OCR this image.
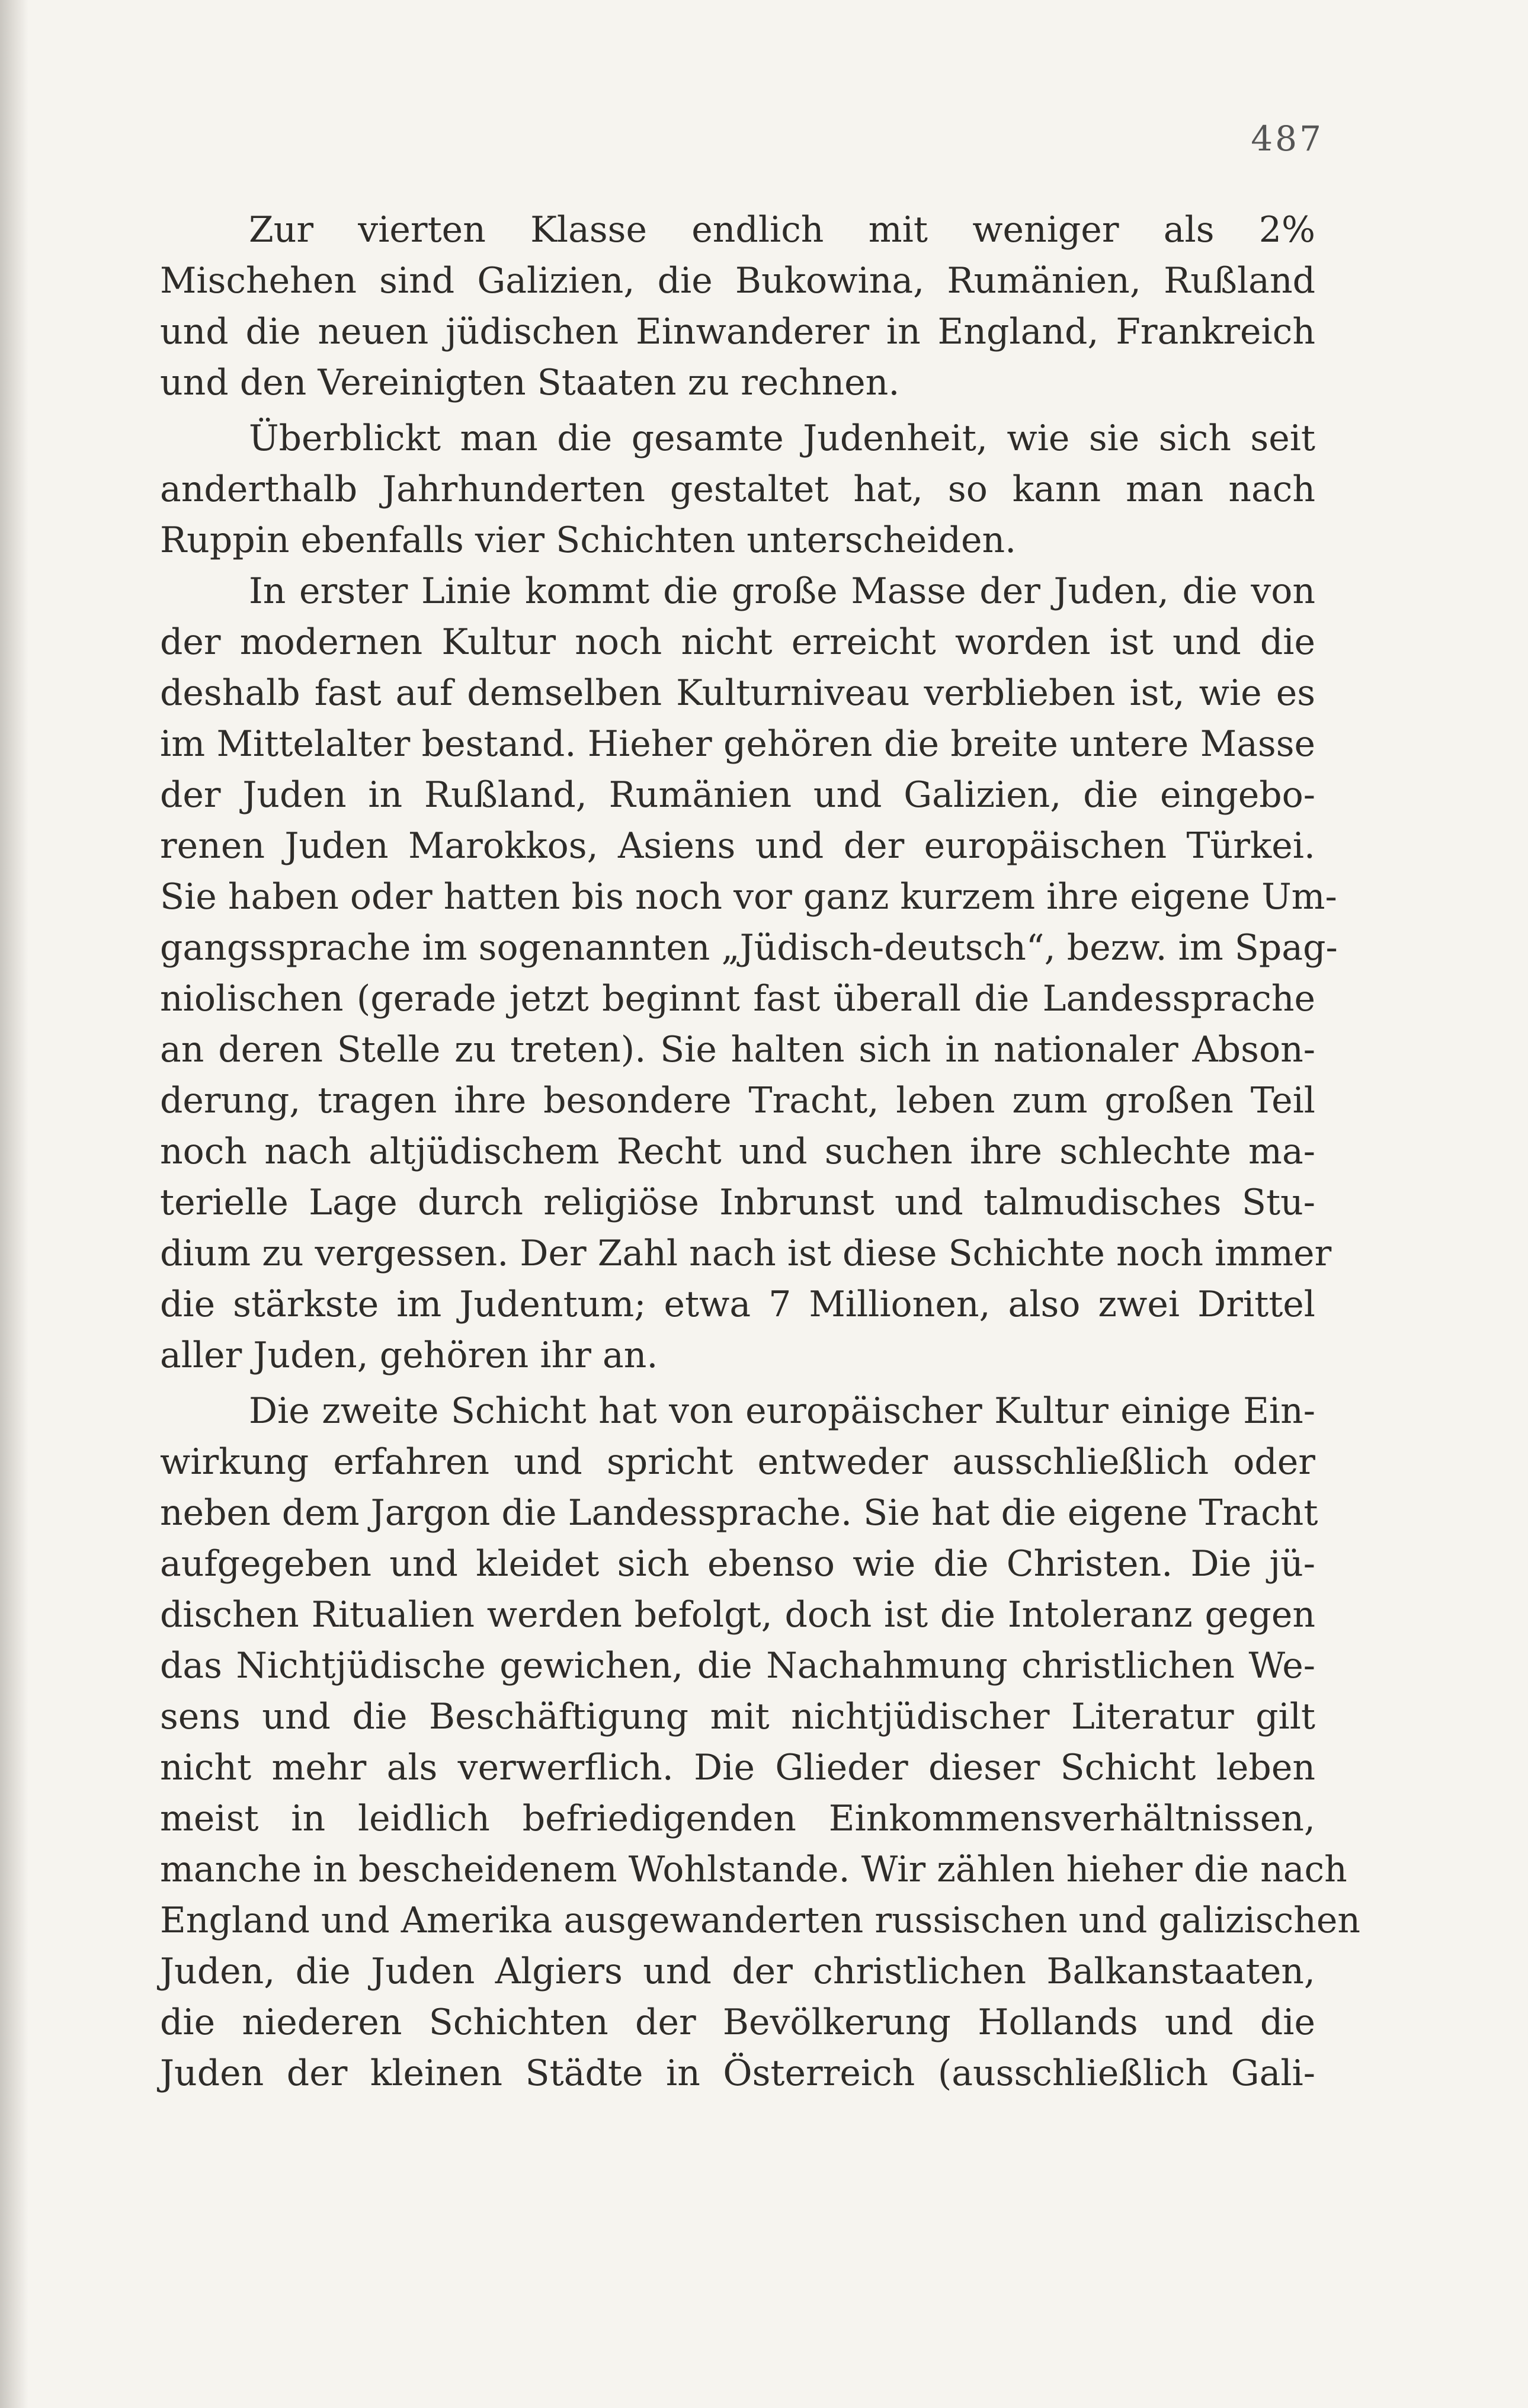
487

Zur vierten Klasse endlich mit weniger als 2%
Mischehen sind Galizien, die Bukowina, Rumänien, Rußland
und die neuen jüdischen Einwanderer in England, Frankreich
und den Vereinigten Staaten zu rechnen.

Überblickt man die gesamte Judenheit, wie sie sich seit
anderthalb Jahrhunderten gestaltet hat, so kann man nach
Ruppin ebenfalls vier Schichten unterscheiden.

In erster Linie kommt die große Masse der Juden, die von
der modernen Kultur noch nicht erreicht worden ist und die
deshalb fast auf demselben Kulturniveau verblieben ist, wie es
im Mittelalter bestand. Hieher gehören die breite untere Masse
der Juden in Rußland, Rumänien und Galizien, die eingebo-
renen Juden Marokkos, Asiens und der europäischen Türkei.
Sie haben oder hatten bis noch vor ganz kurzem ihre eigene Um-
gangssprache im sogenannten „Jüdisch-deutsch“, bezw. im Spag-
niolischen (gerade jetzt beginnt fast überall die Landessprache
an deren Stelle zu treten). Sie halten sich in nationaler Abson-
derung, tragen ihre besondere Tracht, leben zum großen Teil
noch nach altjüdischem Recht und suchen ihre schlechte ma-
terielle Lage durch religiöse Inbrunst und talmudisches Stu-
dium zu vergessen. Der Zahl nach ist diese Schichte noch immer
die stärkste im Judentum; etwa 7 Millionen, also zwei Drittel
aller Juden, gehören ihr an.

Die zweite Schicht hat von europäischer Kultur einige Ein-
wirkung erfahren und spricht entweder ausschließlich oder
neben dem Jargon die Landessprache. Sie hat die eigene Tracht
aufgegeben und kleidet sich ebenso wie die Christen. Die jü-
dischen Ritualien werden befolgt, doch ist die Intoleranz gegen
das Nichtjüdische gewichen, die Nachahmung christlichen We-
sens und die Beschäftigung mit nichtjüdischer Literatur gilt
nicht mehr als verwerflich. Die Glieder dieser Schicht leben
meist in leidlich befriedigenden Einkommensverhältnissen,
manche in bescheidenem Wohlstande. Wir zählen hieher die nach
England und Amerika ausgewanderten russischen und galizischen
Juden, die Juden Algiers und der christlichen Balkanstaaten,
die niederen Schichten der Bevölkerung Hollands und die
Juden der kleinen Städte in Österreich (ausschließlich Gali-
